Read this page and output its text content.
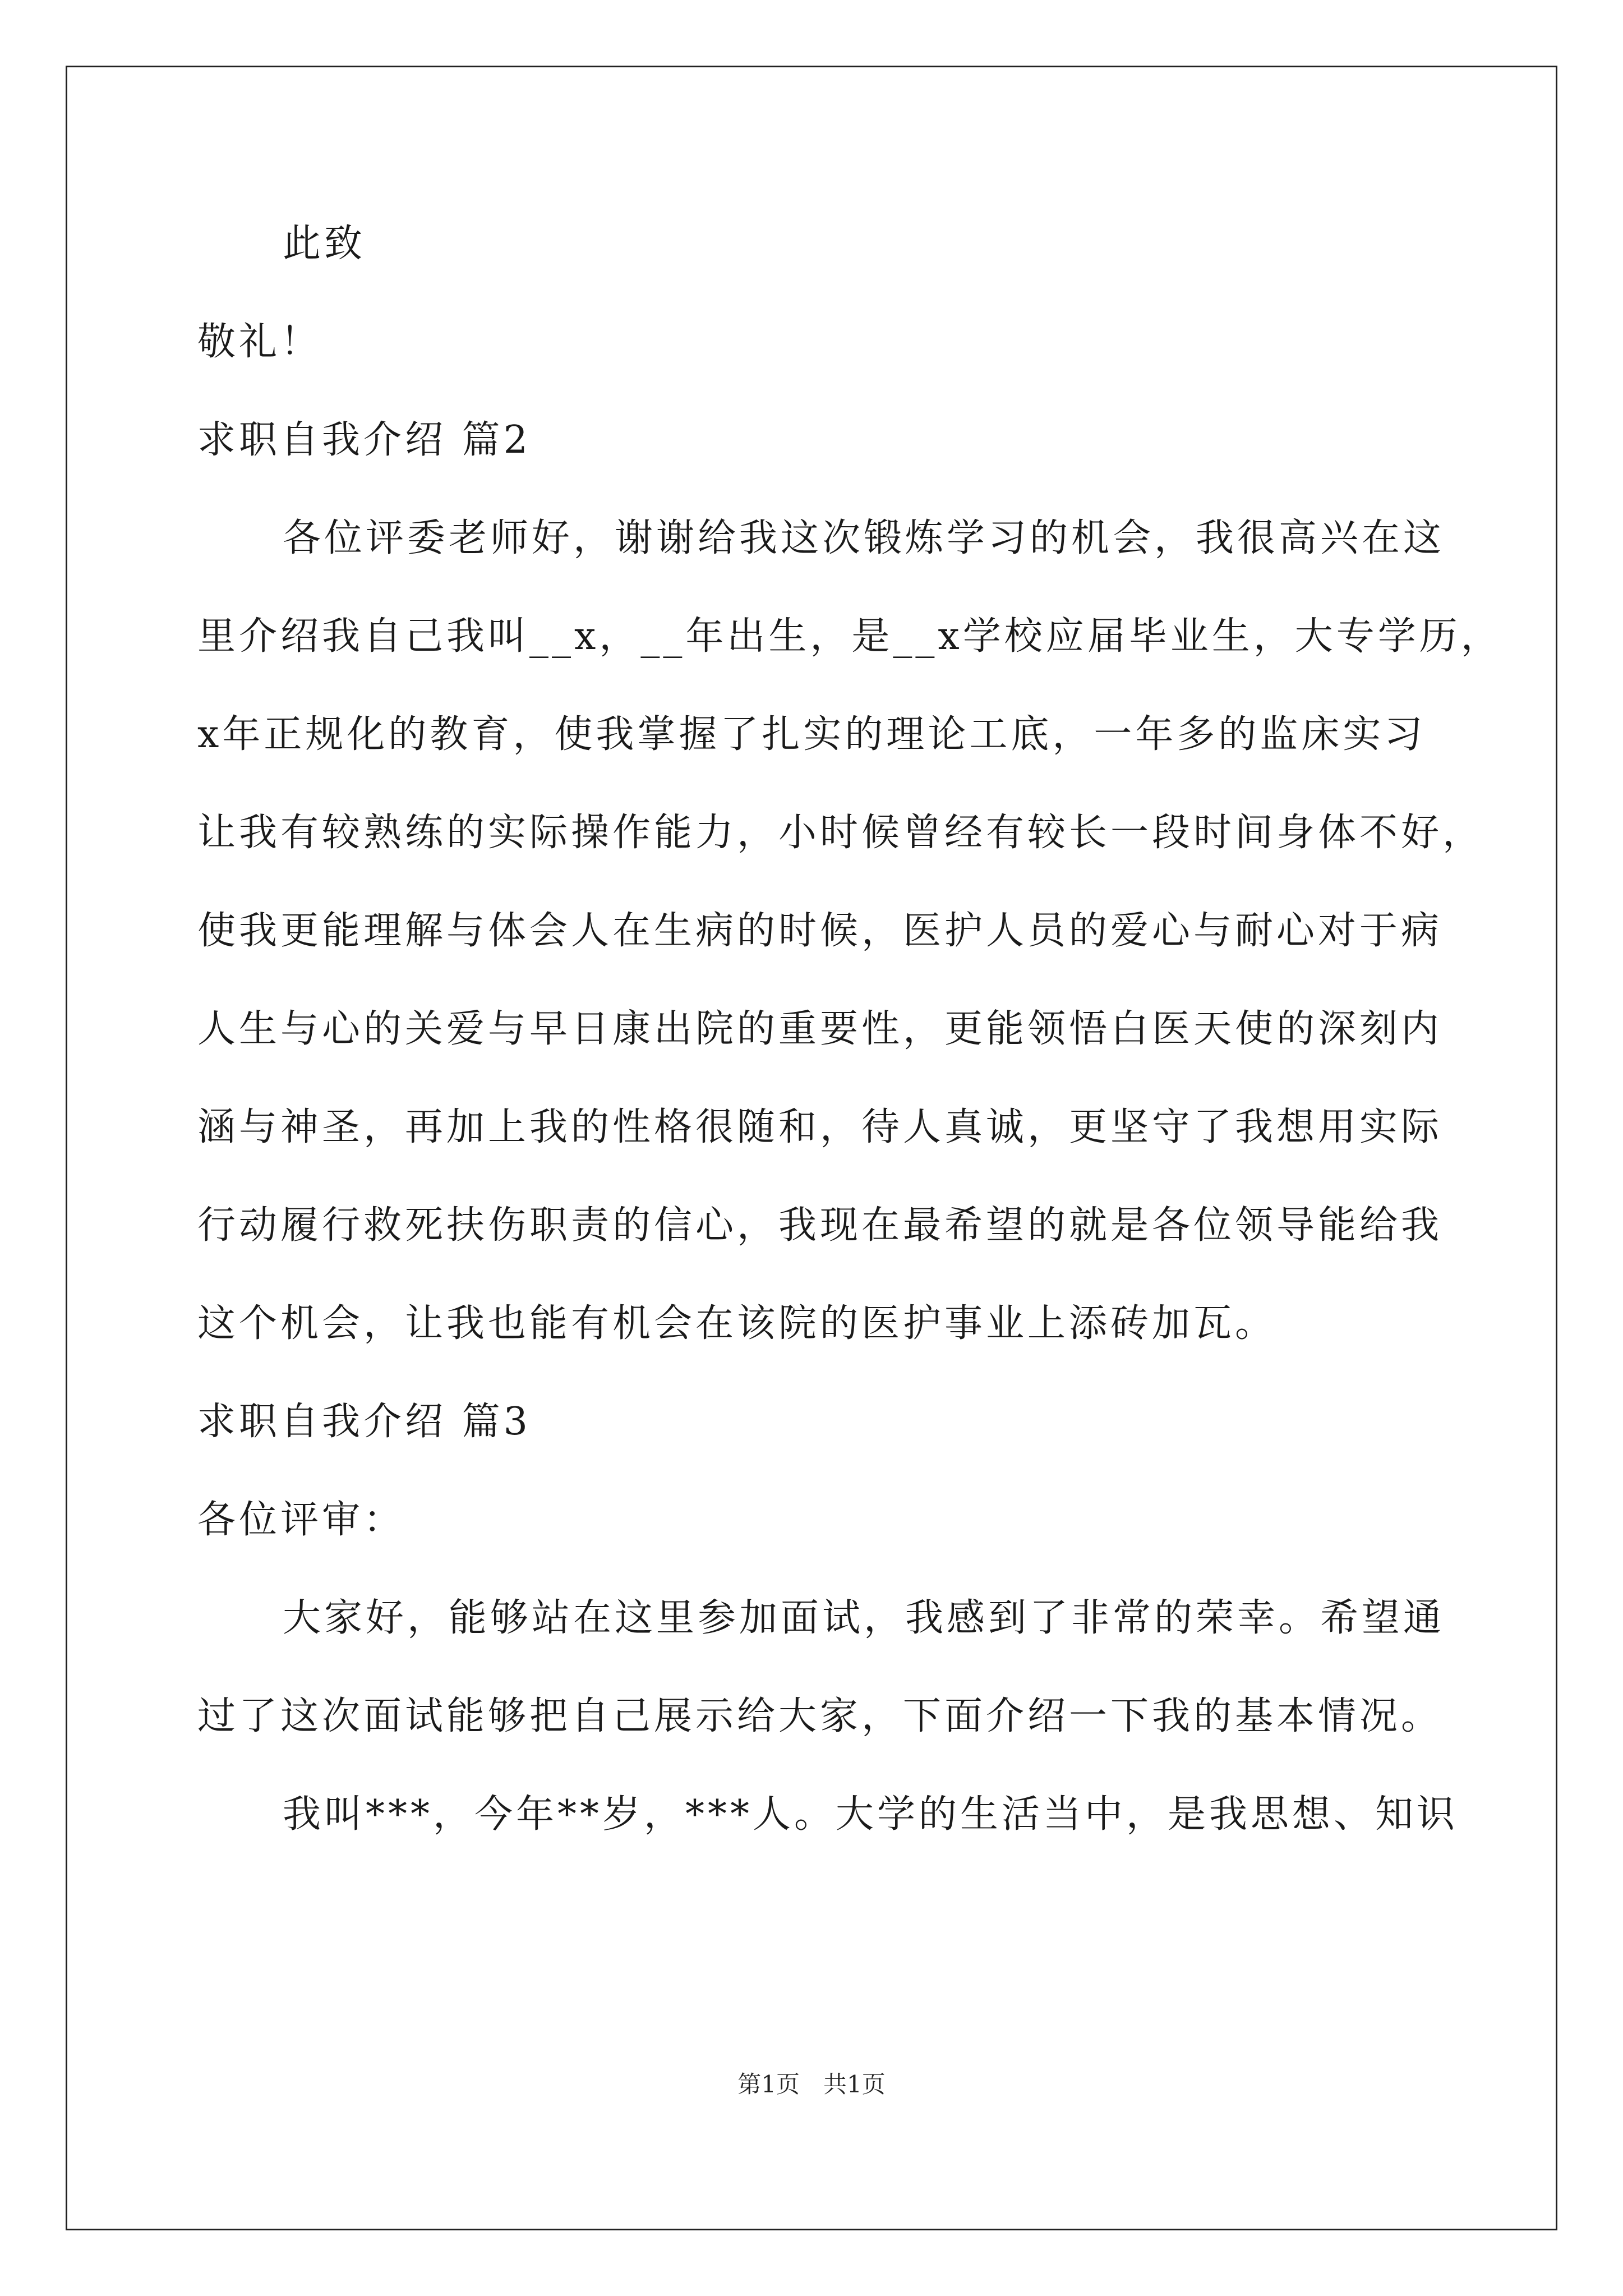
此致
敬礼！
求职自我介绍 篇2
各位评委老师好，谢谢给我这次锻炼学习的机会，我很高兴在这
里介绍我自己我叫__x，__年出生，是__x学校应届毕业生，大专学历，
x年正规化的教育，使我掌握了扎实的理论工底，一年多的监床实习
让我有较熟练的实际操作能力，小时候曾经有较长一段时间身体不好，
使我更能理解与体会人在生病的时候，医护人员的爱心与耐心对于病
人生与心的关爱与早日康出院的重要性，更能领悟白医天使的深刻内
涵与神圣，再加上我的性格很随和，待人真诚，更坚守了我想用实际
行动履行救死扶伤职责的信心，我现在最希望的就是各位领导能给我
这个机会，让我也能有机会在该院的医护事业上添砖加瓦。
求职自我介绍 篇3
各位评审：
大家好，能够站在这里参加面试，我感到了非常的荣幸。希望通
过了这次面试能够把自己展示给大家，下面介绍一下我的基本情况。
我叫***，今年**岁，***人。大学的生活当中，是我思想、知识
第1页　共1页
